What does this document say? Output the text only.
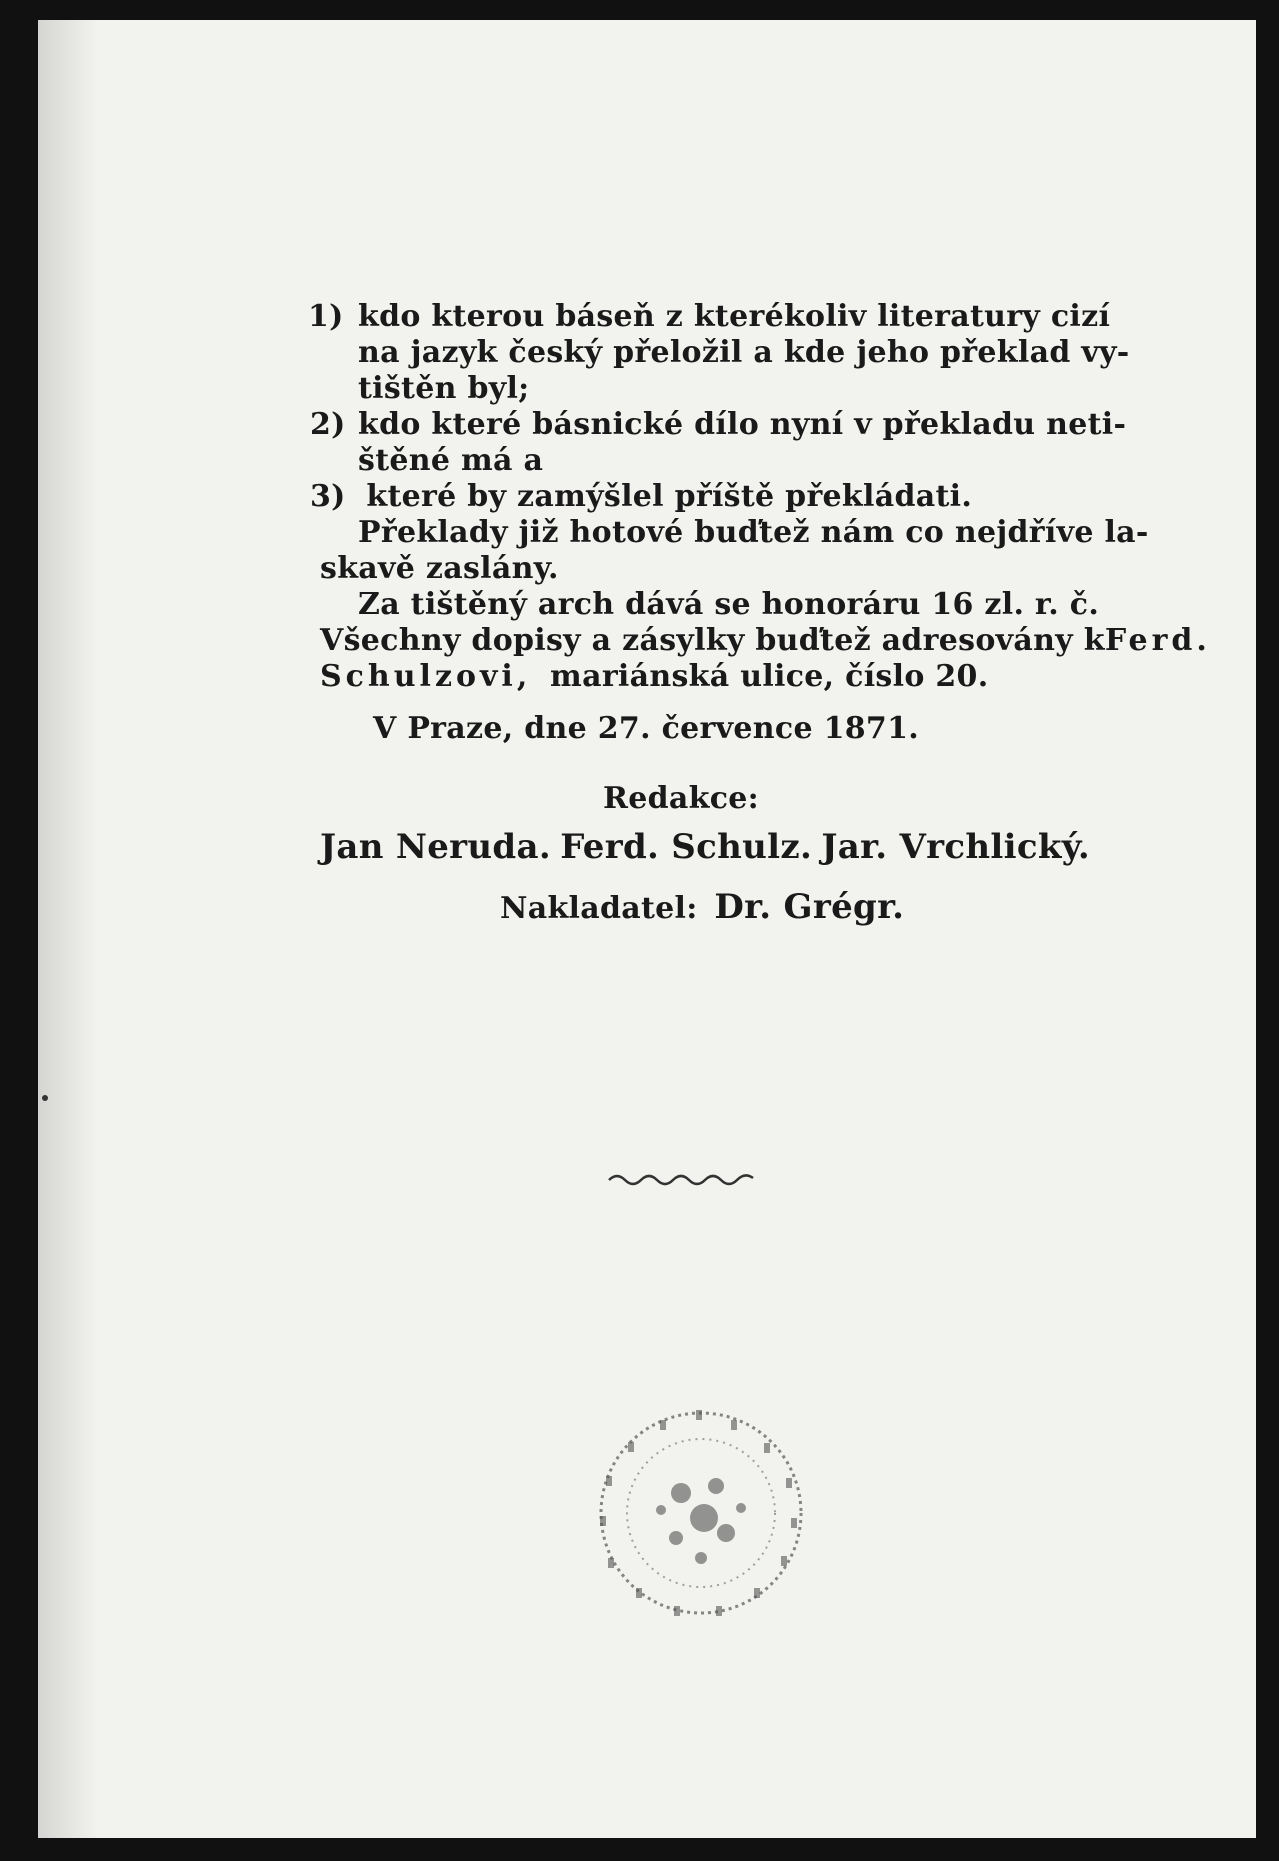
1) kdo kterou báseň z kterékoliv literatury cizí
na jazyk český přeložil a kde jeho překlad vy-
tištěn byl;
2) kdo které básnické dílo nyní v překladu neti-
štěné má a
3) které by zamýšlel příště překládati.
Překlady již hotové buďtež nám co nejdříve la-
skavě zaslány.
Za tištěný arch dává se honoráru 16 zl. r. č.
Všechny dopisy a zásylky buďtež adresovány k Ferd.
Schulzovi, mariánská ulice, číslo 20.
V Praze, dne 27. července 1871.
Redakce:
Jan Neruda. Ferd. Schulz. Jar. Vrchlický.
Nakladatel: Dr. Grégr.
